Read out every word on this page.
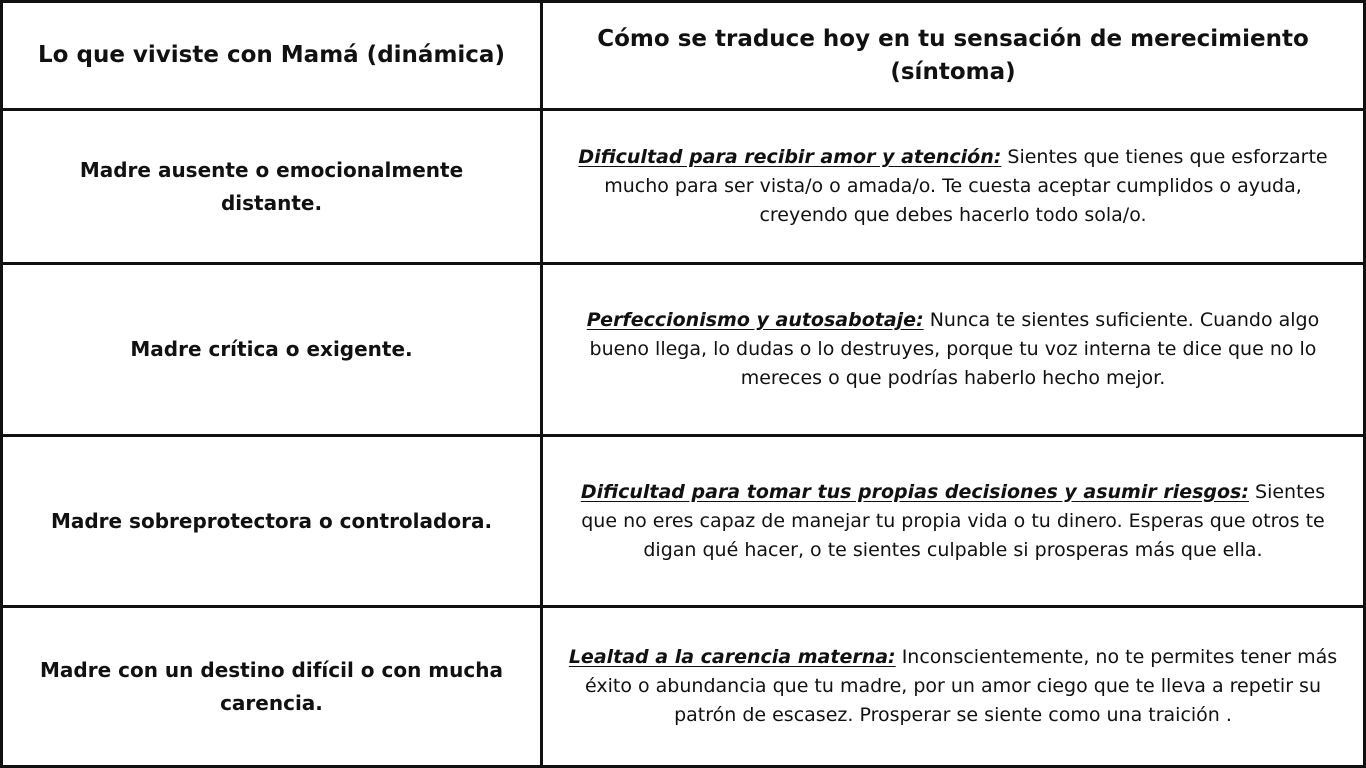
Lo que viviste con Mamá (dinámica)
Cómo se traduce hoy en tu sensación de merecimiento (síntoma)
Madre ausente o emocionalmente distante.

Dificultad para recibir amor y atención: Sientes que tienes que esforzarte mucho para ser vista/o o amada/o. Te cuesta aceptar cumplidos o ayuda, creyendo que debes hacerlo todo sola/o.

Madre crítica o exigente.

Perfeccionismo y autosabotaje: Nunca te sientes suficiente. Cuando algo bueno llega, lo dudas o lo destruyes, porque tu voz interna te dice que no lo mereces o que podrías haberlo hecho mejor.

Madre sobreprotectora o controladora.

Dificultad para tomar tus propias decisiones y asumir riesgos: Sientes que no eres capaz de manejar tu propia vida o tu dinero. Esperas que otros te digan qué hacer, o te sientes culpable si prosperas más que ella.

Madre con un destino difícil o con mucha carencia.

Lealtad a la carencia materna: Inconscientemente, no te permites tener más éxito o abundancia que tu madre, por un amor ciego que te lleva a repetir su patrón de escasez. Prosperar se siente como una traición .
